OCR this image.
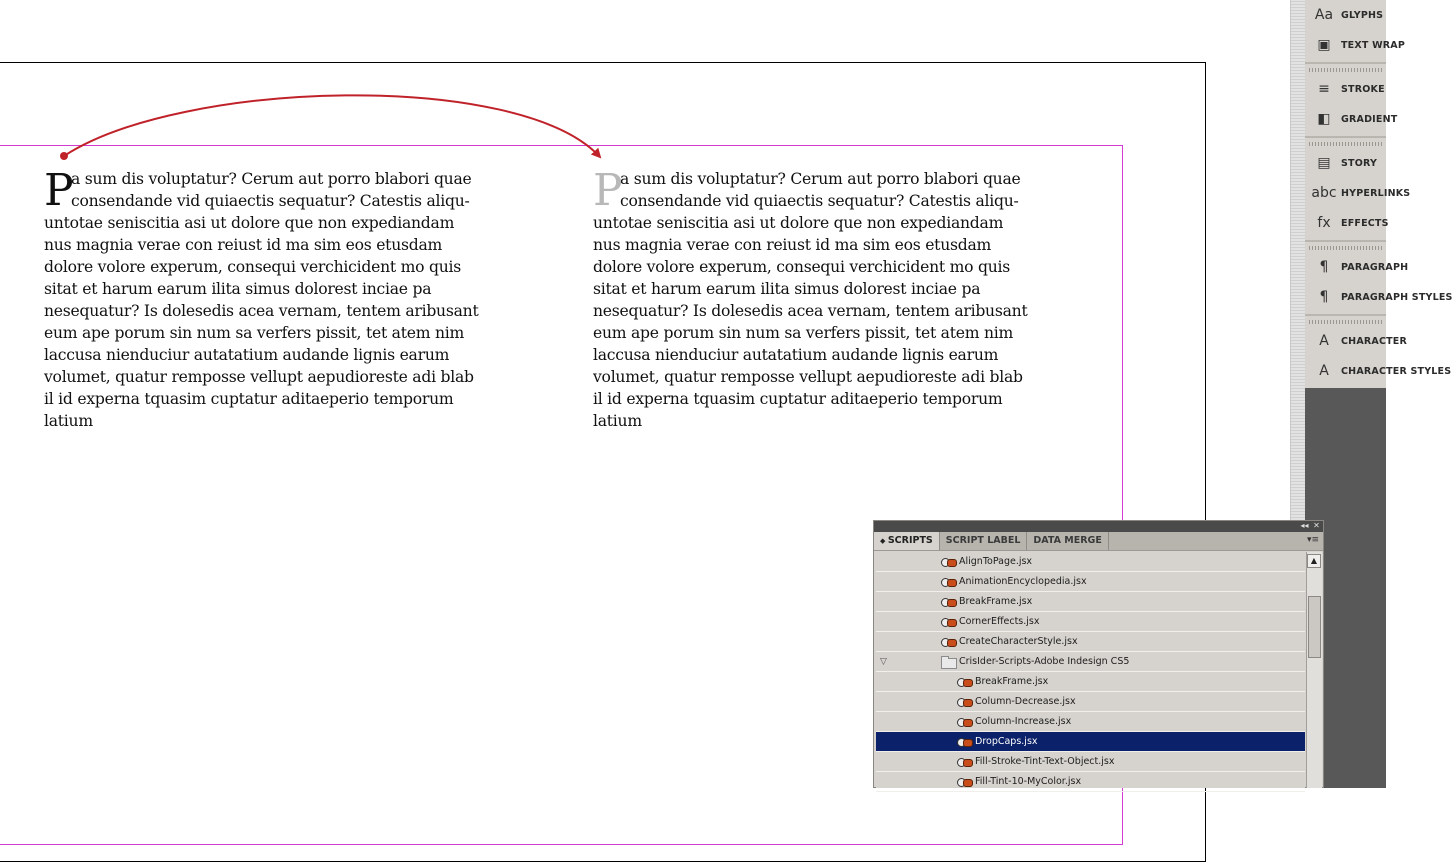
P
a sum dis voluptatur? Cerum aut porro blabori quae
consendande vid quiaectis sequatur? Catestis aliqu-
untotae seniscitia asi ut dolore que non expediandam
nus magnia verae con reiust id ma sim eos etusdam
dolore volore experum, consequi verchicident mo quis
sitat et harum earum ilita simus dolorest inciae pa
nesequatur? Is dolesedis acea vernam, tentem aribusant
eum ape porum sin num sa verfers pissit, tet atem nim
laccusa nienduciur autatatium audande lignis earum
volumet, quatur remposse vellupt aepudioreste adi blab
il id experna tquasim cuptatur aditaeperio temporum
latium
P
a sum dis voluptatur? Cerum aut porro blabori quae
consendande vid quiaectis sequatur? Catestis aliqu-
untotae seniscitia asi ut dolore que non expediandam
nus magnia verae con reiust id ma sim eos etusdam
dolore volore experum, consequi verchicident mo quis
sitat et harum earum ilita simus dolorest inciae pa
nesequatur? Is dolesedis acea vernam, tentem aribusant
eum ape porum sin num sa verfers pissit, tet atem nim
laccusa nienduciur autatatium audande lignis earum
volumet, quatur remposse vellupt aepudioreste adi blab
il id experna tquasim cuptatur aditaeperio temporum
latium
Aa GLYPHS
▣	TEXT WRAP
≡	STROKE
◧	GRADIENT
▤	STORY
abc HYPERLINKS
fx	EFFECTS
¶	PARAGRAPH
¶	PARAGRAPH STYLES
A	CHARACTER
A	CHARACTER STYLES
◂◂ ✕
◆ SCRIPTS	SCRIPT LABEL	DATA MERGE	▾≡
AlignToPage.jsx
AnimationEncyclopedia.jsx
BreakFrame.jsx
CornerEffects.jsx
CreateCharacterStyle.jsx
▽	CrisIder-Scripts-Adobe Indesign CS5
BreakFrame.jsx
Column-Decrease.jsx
Column-Increase.jsx
DropCaps.jsx
Fill-Stroke-Tint-Text-Object.jsx
Fill-Tint-10-MyColor.jsx
▲
